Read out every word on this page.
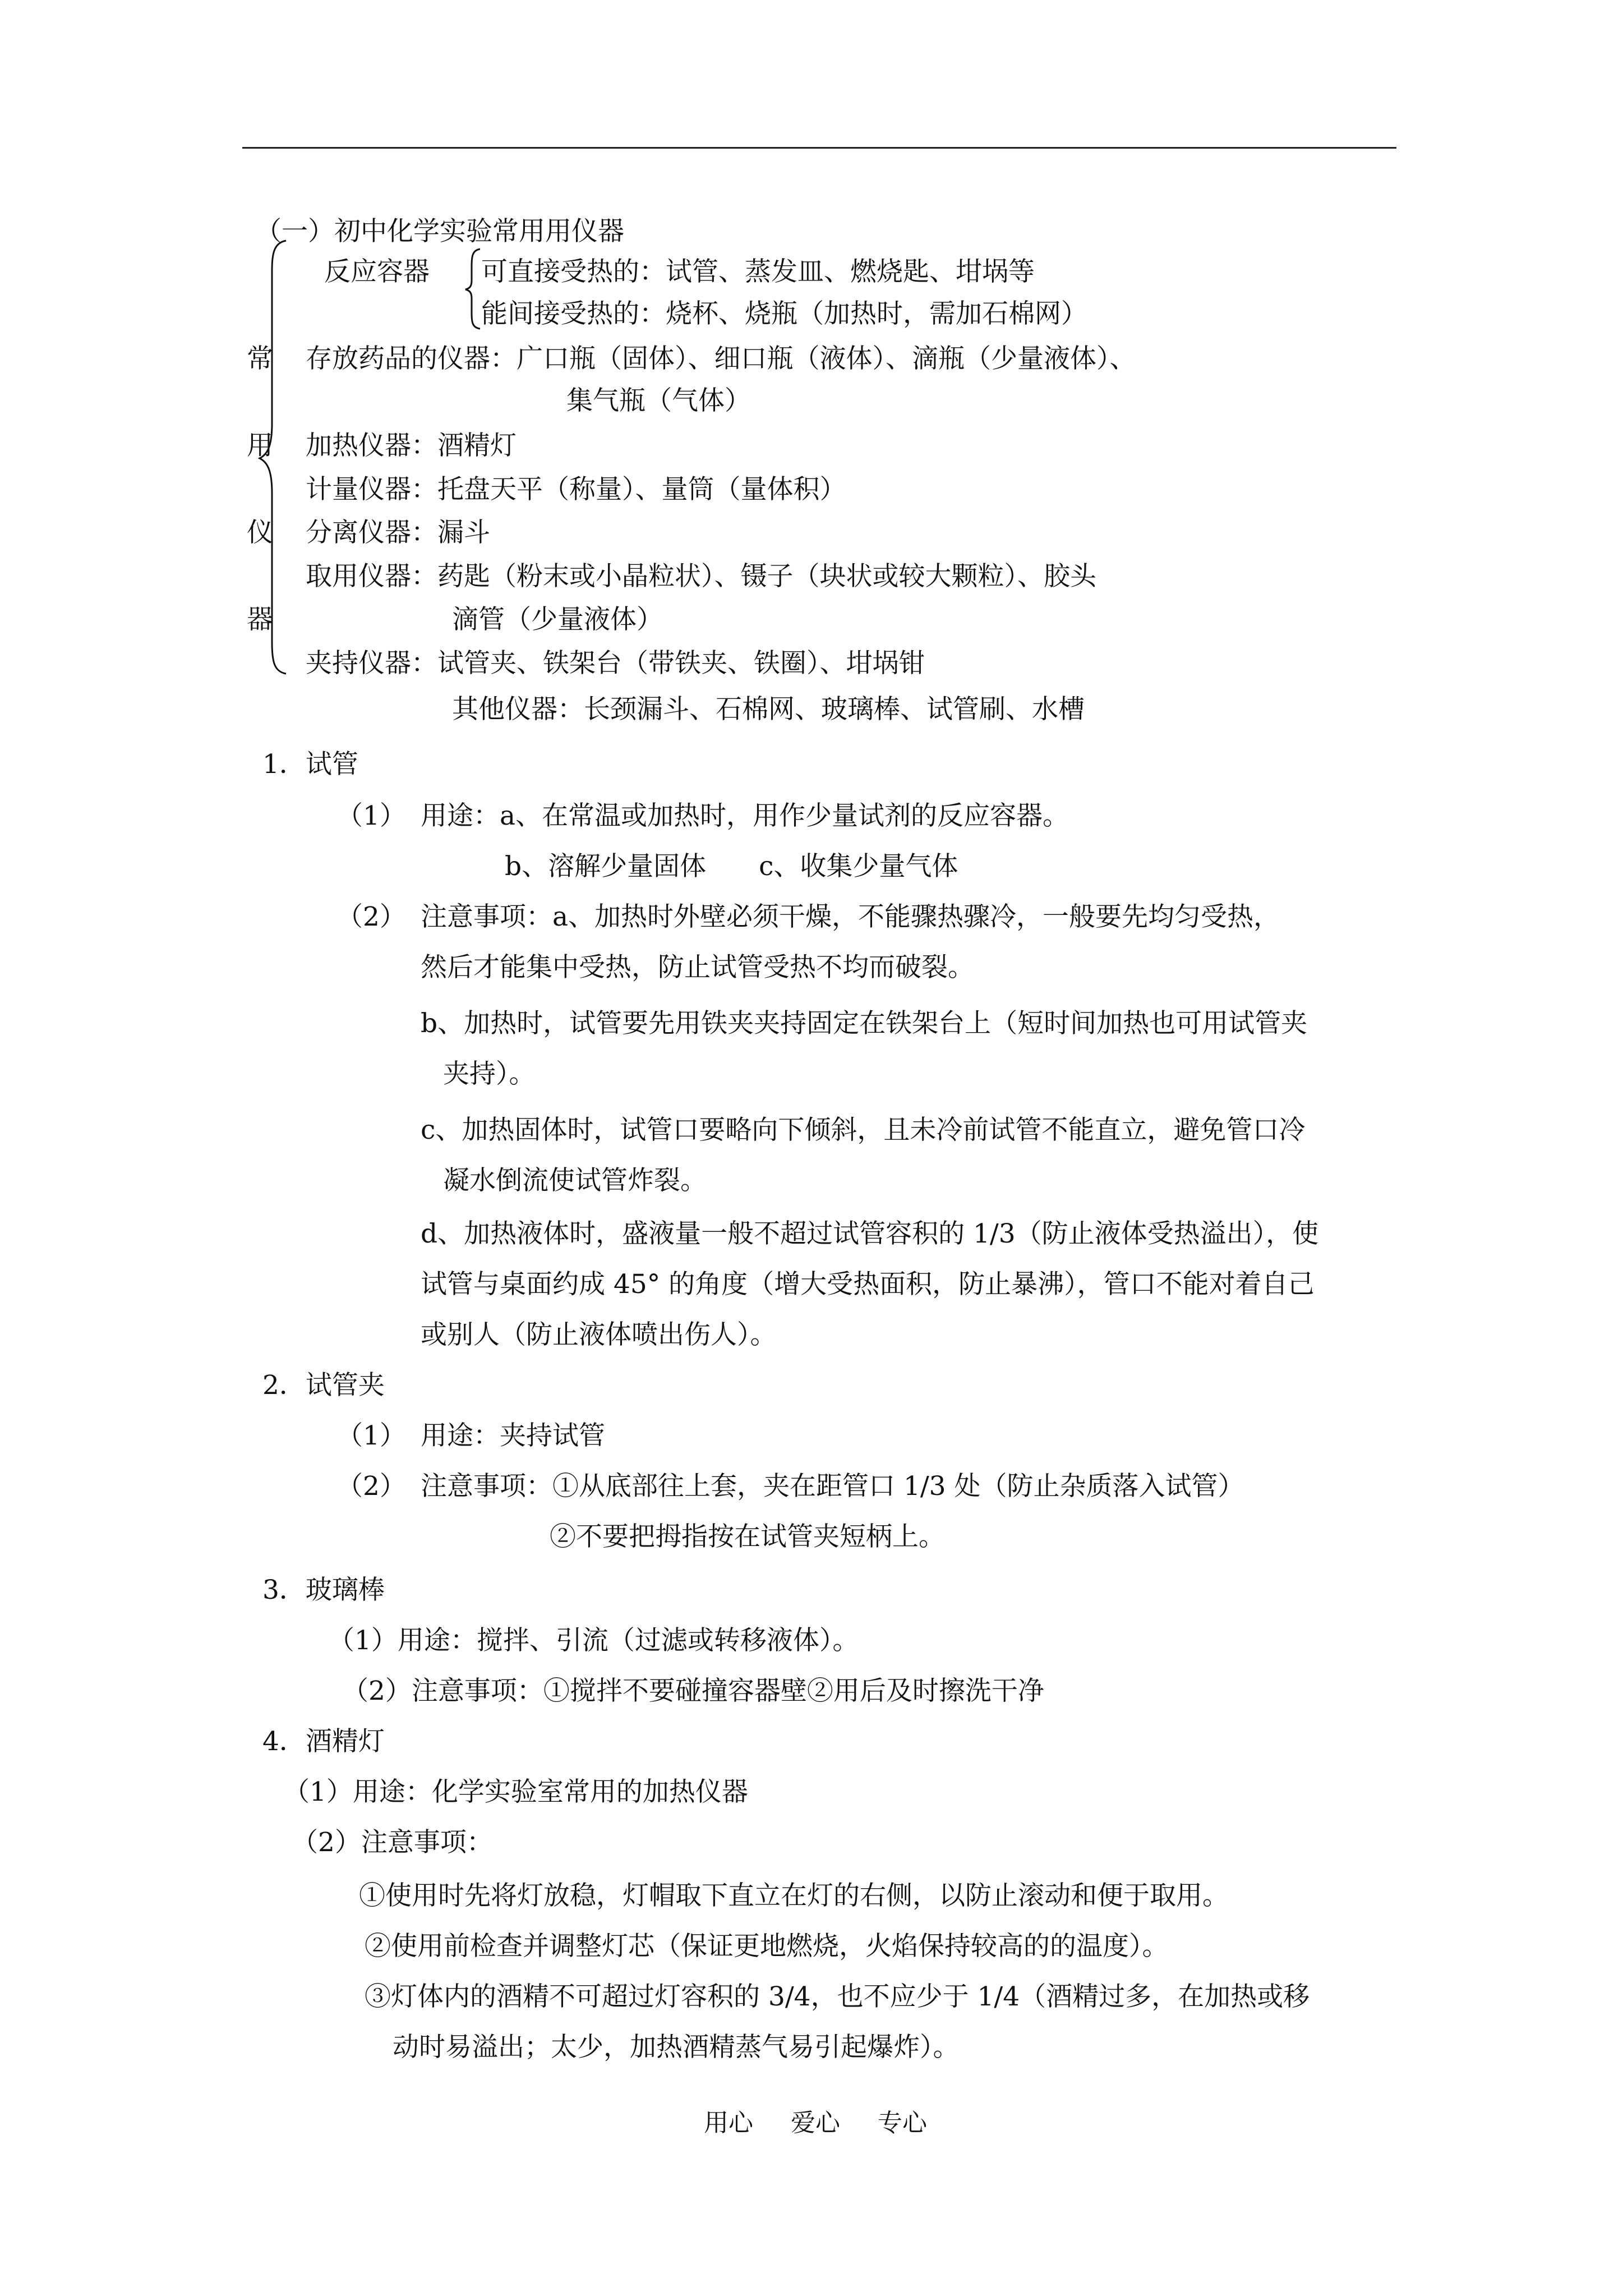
（一）初中化学实验常用用仪器
常
用
仪
器
反应容器 可直接受热的：试管、蒸发皿、燃烧匙、坩埚等
能间接受热的：烧杯、烧瓶（加热时，需加石棉网）
存放药品的仪器：广口瓶（固体）、细口瓶（液体）、滴瓶（少量液体）、
集气瓶（气体）
加热仪器：酒精灯
计量仪器：托盘天平（称量）、量筒（量体积）
分离仪器：漏斗
取用仪器：药匙（粉末或小晶粒状）、镊子（块状或较大颗粒）、胶头
滴管（少量液体）
夹持仪器：试管夹、铁架台（带铁夹、铁圈）、坩埚钳
其他仪器：长颈漏斗、石棉网、玻璃棒、试管刷、水槽
1．试管
（1） 用途：a、在常温或加热时，用作少量试剂的反应容器。
b、溶解少量固体　　c、收集少量气体
（2） 注意事项：a、加热时外壁必须干燥，不能骤热骤冷，一般要先均匀受热，
然后才能集中受热，防止试管受热不均而破裂。
b、加热时，试管要先用铁夹夹持固定在铁架台上（短时间加热也可用试管夹
夹持）。
c、加热固体时，试管口要略向下倾斜，且未冷前试管不能直立，避免管口冷
凝水倒流使试管炸裂。
d、加热液体时，盛液量一般不超过试管容积的 1/3（防止液体受热溢出），使
试管与桌面约成 45° 的角度（增大受热面积，防止暴沸），管口不能对着自己
或别人（防止液体喷出伤人）。
2．试管夹
（1） 用途：夹持试管
（2） 注意事项：①从底部往上套，夹在距管口 1/3 处（防止杂质落入试管）
②不要把拇指按在试管夹短柄上。
3．玻璃棒
（1）用途：搅拌、引流（过滤或转移液体）。
（2）注意事项：①搅拌不要碰撞容器壁②用后及时擦洗干净
4．酒精灯
（1）用途：化学实验室常用的加热仪器
（2）注意事项：
①使用时先将灯放稳，灯帽取下直立在灯的右侧，以防止滚动和便于取用。
②使用前检查并调整灯芯（保证更地燃烧，火焰保持较高的的温度）。
③灯体内的酒精不可超过灯容积的 3/4，也不应少于 1/4（酒精过多，在加热或移
动时易溢出；太少，加热酒精蒸气易引起爆炸）。
用心 爱心 专心
